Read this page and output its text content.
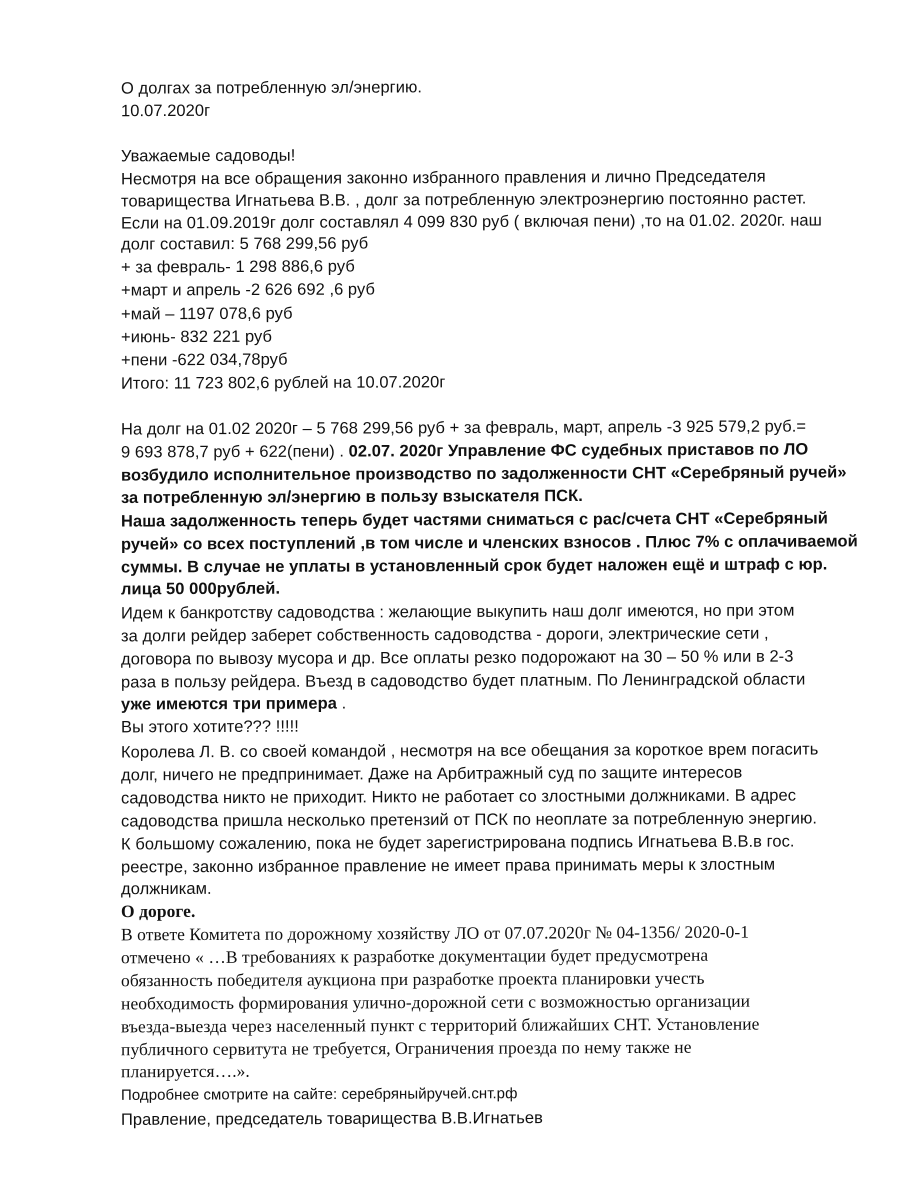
О долгах за потребленную эл/энергию.
10.07.2020г
Уважаемые садоводы!
Несмотря на все обращения законно избранного правления и лично Председателя
товарищества Игнатьева В.В. , долг за потребленную электроэнергию постоянно растет.
Если на 01.09.2019г долг составлял 4 099 830 руб ( включая пени) ,то на 01.02. 2020г. наш
долг составил: 5 768 299,56 руб
+ за февраль- 1 298 886,6 руб
+март и апрель -2 626 692 ,6 руб
+май – 1197 078,6 руб
+июнь- 832 221 руб
+пени -622 034,78руб
Итого: 11 723 802,6 рублей на 10.07.2020г
На долг на 01.02 2020г – 5 768 299,56 руб + за февраль, март, апрель -3 925 579,2 руб.=
9 693 878,7 руб + 622(пени) . 02.07. 2020г Управление ФС судебных приставов по ЛО
возбудило исполнительное производство по задолженности СНТ «Серебряный ручей»
за потребленную эл/энергию в пользу взыскателя ПСК.
Наша задолженность теперь будет частями сниматься с рас/счета СНТ «Серебряный
ручей» со всех поступлений ,в том числе и членских взносов . Плюс 7% с оплачиваемой
суммы. В случае не уплаты в установленный срок будет наложен ещё и штраф с юр.
лица 50 000рублей.
Идем к банкротству садоводства : желающие выкупить наш долг имеются, но при этом
за долги рейдер заберет собственность садоводства - дороги, электрические сети ,
договора по вывозу мусора и др. Все оплаты резко подорожают на 30 – 50 % или в 2-3
раза в пользу рейдера. Въезд в садоводство будет платным. По Ленинградской области
уже имеются три примера .
Вы этого хотите??? !!!!!
Королева Л. В. со своей командой , несмотря на все обещания за короткое врем погасить
долг, ничего не предпринимает. Даже на Арбитражный суд по защите интересов
садоводства никто не приходит. Никто не работает со злостными должниками. В адрес
садоводства пришла несколько претензий от ПСК по неоплате за потребленную энергию.
К большому сожалению, пока не будет зарегистрирована подпись Игнатьева В.В.в гос.
реестре, законно избранное правление не имеет права принимать меры к злостным
должникам.
О дороге.
В ответе Комитета по дорожному хозяйству ЛО от 07.07.2020г № 04-1356/ 2020-0-1
отмечено « …В требованиях к разработке документации будет предусмотрена
обязанность победителя аукциона при разработке проекта планировки учесть
необходимость формирования улично-дорожной сети с возможностью организации
въезда-выезда через населенный пункт с территорий ближайших СНТ. Установление
публичного сервитута не требуется, Ограничения проезда по нему также не
планируется….».
Подробнее смотрите на сайте: серебряныйручей.снт.рф
Правление, председатель товарищества В.В.Игнатьев
